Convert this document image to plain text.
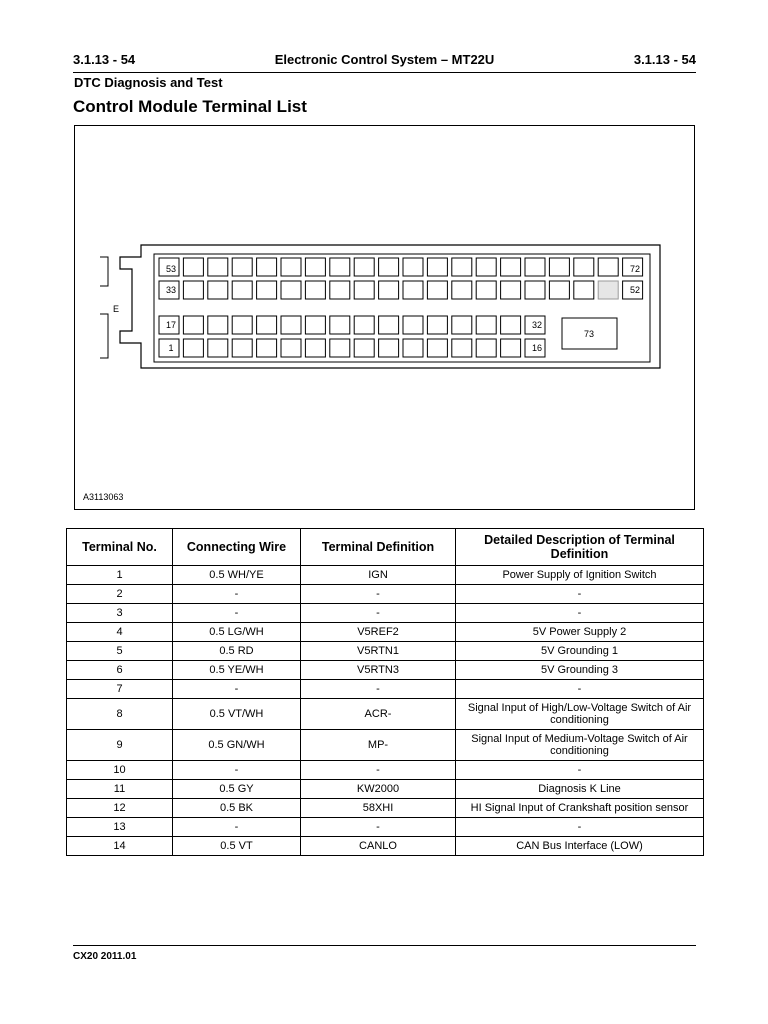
3.1.13 - 54	Electronic Control System – MT22U	3.1.13 - 54
DTC Diagnosis and Test
Control Module Terminal List
73
E
53	72
33	52
17	32
1	16
A3113063
Terminal No.	Connecting Wire	Terminal Definition	Detailed Description of Terminal Definition
1	0.5 WH/YE	IGN	Power Supply of Ignition Switch
2	-	-	-
3	-	-	-
4	0.5 LG/WH	V5REF2	5V Power Supply 2
5	0.5 RD	V5RTN1	5V Grounding 1
6	0.5 YE/WH	V5RTN3	5V Grounding 3
7	-	-	-
8	0.5 VT/WH	ACR-	Signal Input of High/Low-Voltage Switch of Air conditioning
9	0.5 GN/WH	MP-	Signal Input of Medium-Voltage Switch of Air conditioning
10	-	-	-
11	0.5 GY	KW2000	Diagnosis K Line
12	0.5 BK	58XHI	HI Signal Input of Crankshaft position sensor
13	-	-	-
14	0.5 VT	CANLO	CAN Bus Interface (LOW)
CX20 2011.01
